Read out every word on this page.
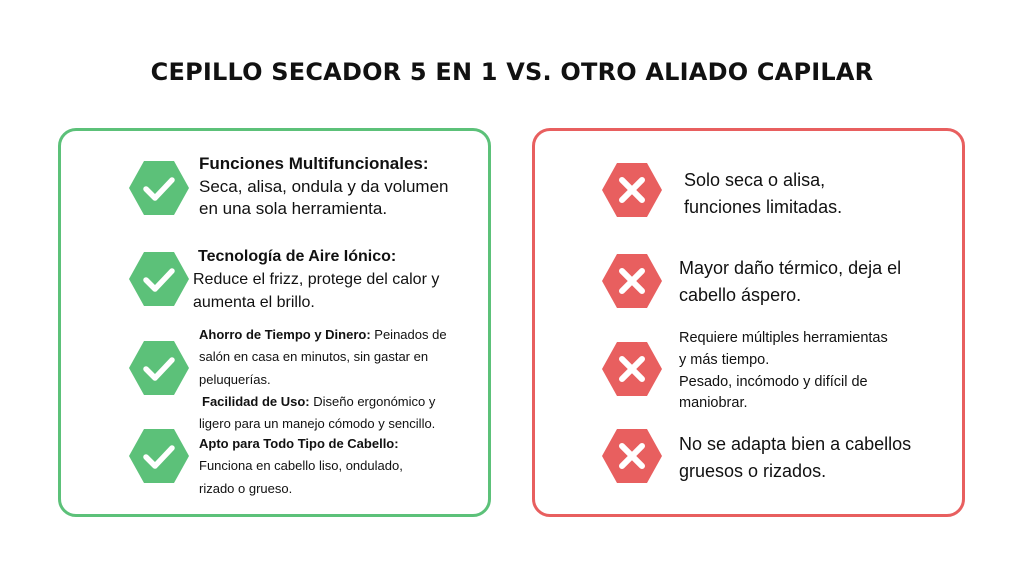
CEPILLO SECADOR 5 EN 1 VS. OTRO ALIADO CAPILAR
Funciones Multifuncionales:
Seca, alisa, ondula y da volumen
en una sola herramienta.
Tecnología de Aire Iónico:
Reduce el frizz, protege del calor y
aumenta el brillo.
Ahorro de Tiempo y Dinero: Peinados de
salón en casa en minutos, sin gastar en
peluquerías.
Facilidad de Uso: Diseño ergonómico y
ligero para un manejo cómodo y sencillo.
Apto para Todo Tipo de Cabello:
Funciona en cabello liso, ondulado,
rizado o grueso.
Solo seca o alisa,
funciones limitadas.
Mayor daño térmico, deja el
cabello áspero.
Requiere múltiples herramientas
y más tiempo.
Pesado, incómodo y difícil de
maniobrar.
No se adapta bien a cabellos
gruesos o rizados.
